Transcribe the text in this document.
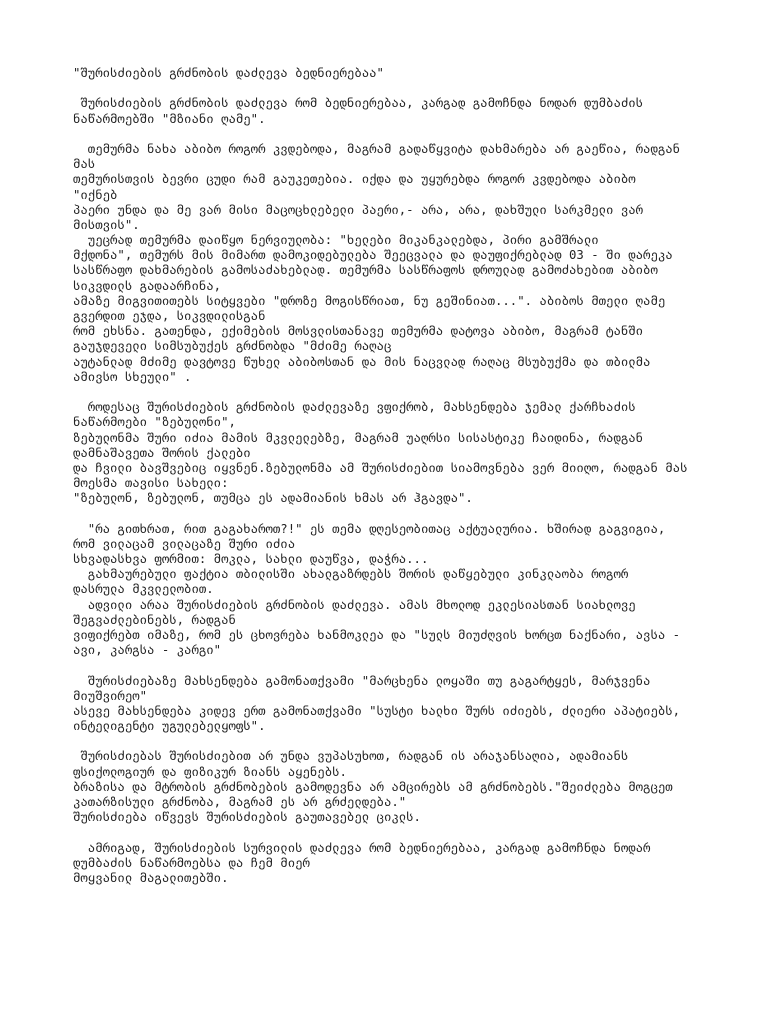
"შურისძიების გრძნობის დაძლევა ბედნიერებაა"
შურისძიების გრძნობის დაძლევა რომ ბედნიერებაა, კარგად გამოჩნდა ნოდარ დუმბაძის
ნაწარმოებში "მზიანი ღამე".
თემურმა ნახა აბიბო როგორ კვდებოდა, მაგრამ გადაწყვიტა დახმარება არ გაეწია, რადგან
მას
თემურისთვის ბევრი ცუდი რამ გაუკეთებია. იქდა და უყურებდა როგორ კვდებოდა აბიბო
"იქნებ
პაერი უნდა და მე ვარ მისი მაცოცხლებელი პაერი,- არა, არა, დახშული სარკმელი ვარ
მისთვის".
უეცრად თემურმა დაიწყო ნერვიულობა: "ხელები მიკანკალებდა, პირი გამშრალი
მქდონა", თემურს მის მიმართ დამოკიდებულება შეეცვალა და დაუფიქრებლად 03 - ში დარეკა
სასწრაფო დახმარების გამოსაძახებლად. თემურმა სასწრაფოს დროულად გამოძახებით აბიბო
სიკვდილს გადაარჩინა,
ამაზე მიგვითითებს სიტყვები "დროზე მოგისწრიათ, ნუ გეშინიათ...". აბიბოს მთელი ღამე
გვერდით ეჯდა, სიკვდილისგან
რომ ეხსნა. გათენდა, ექიმების მოსვლისთანავე თემურმა დატოვა აბიბო, მაგრამ ტანში
გაუჯდეველი სიმსუბუქეს გრძნობდა "მძიმე რაღაც
აუტანლად მძიმე დავტოვე წუხელ აბიბოსთან და მის ნაცვლად რაღაც მსუბუქმა და თბილმა
ამივსო სხეული" .
როდესაც შურისძიების გრძნობის დაძლევაზე ვფიქრობ, მახსენდება ჯემალ ქარჩხაძის
ნაწარმოები "ზებულონი",
ზებულონმა შური იძია მამის მკვლელებზე, მაგრამ უაღრსი სისასტიკე ჩაიდინა, რადგან
დამნაშავეთა შორის ქალები
და ჩვილი ბავშვებიც იყვნენ.ზებულონმა ამ შურისძიებით სიამოვნება ვერ მიიღო, რადგან მას
მოესმა თავისი სახელი:
"ზებულონ, ზებულონ, თუმცა ეს ადამიანის ხმას არ ჰგავდა".
"რა გითხრათ, რით გაგახაროთ?!" ეს თემა დღესეობითაც აქტუალურია. ხშირად გაგვიგია,
რომ ვილაცამ ვილაცაზე შური იძია
სხვადასხვა ფორმით: მოკლა, სახლი დაუწვა, დაჭრა...
გახმაურებული ფაქტია თბილისში ახალგაზრდებს შორის დაწყებული კინკლაობა როგორ
დასრულა მკვლელობით.
ადვილი არაა შურისძიების გრძნობის დაძლევა. ამას მხოლოდ ეკლესიასთან სიახლოვე
შეგვაძლებინებს, რადგან
ვიფიქრებთ იმაზე, რომ ეს ცხოვრება ხანმოკლეა და "სულს მიუძღვის ხორცთ ნაქნარი, ავსა -
ავი, კარგსა - კარგი"
შურისძიებაზე მახსენდება გამონათქვამი "მარცხენა ლოყაში თუ გაგარტყეს, მარჯვენა
მიუშვირეო"
ასევე მახსენდება კიდევ ერთ გამონათქვამი "სუსტი ხალხი შურს იძიებს, ძლიერი აპატიებს,
ინტელიგენტი უგულებელყოფს".
შურისძიებას შურისძიებით არ უნდა ვუპასუხოთ, რადგან ის არაჯანსაღია, ადამიანს
ფსიქოლოგიურ და ფიზიკურ ზიანს აყენებს.
ბრაზისა და მტრობის გრძნობების გამოდევნა არ ამცირებს ამ გრძნობებს."შეიძლება მოგცეთ
კათარზისული გრძნობა, მაგრამ ეს არ გრძელდება."
შურისძიება იწვევს შურისძიების გაუთავებელ ციკლს.
ამრიგად, შურისძიების სურვილის დაძლევა რომ ბედნიერებაა, კარგად გამოჩნდა ნოდარ
დუმბაძის ნაწარმოებსა და ჩემ მიერ
მოყვანილ მაგალითებში.
